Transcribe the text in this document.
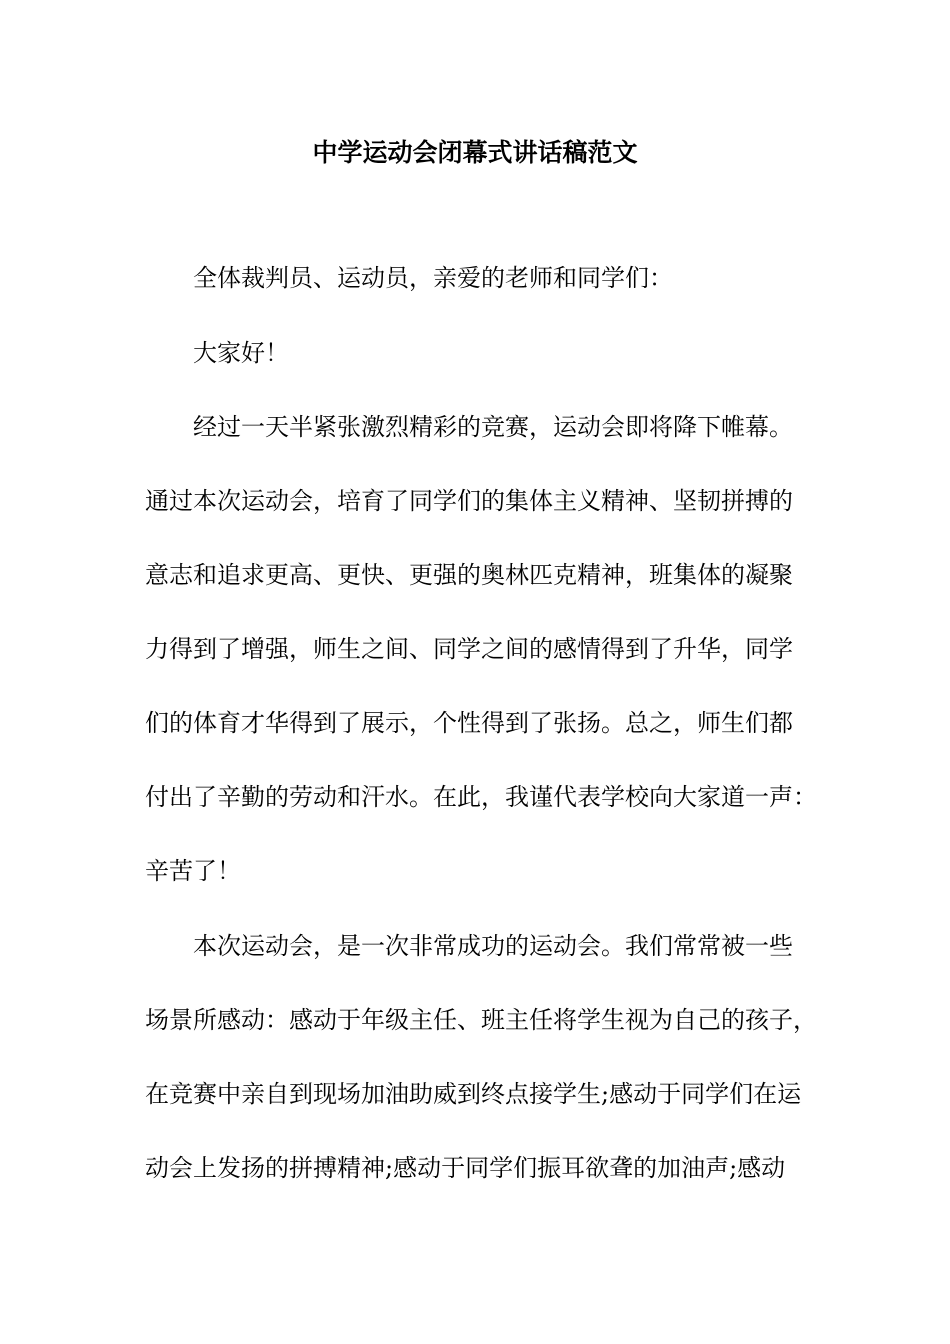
中学运动会闭幕式讲话稿范文
全体裁判员、运动员，亲爱的老师和同学们：
大家好！
经过一天半紧张激烈精彩的竞赛，运动会即将降下帷幕。
通过本次运动会，培育了同学们的集体主义精神、坚韧拼搏的
意志和追求更高、更快、更强的奥林匹克精神，班集体的凝聚
力得到了增强，师生之间、同学之间的感情得到了升华，同学
们的体育才华得到了展示，个性得到了张扬。总之，师生们都
付出了辛勤的劳动和汗水。在此，我谨代表学校向大家道一声：
辛苦了！
本次运动会，是一次非常成功的运动会。我们常常被一些
场景所感动：感动于年级主任、班主任将学生视为自己的孩子，
在竞赛中亲自到现场加油助威到终点接学生;感动于同学们在运
动会上发扬的拼搏精神;感动于同学们振耳欲聋的加油声;感动
